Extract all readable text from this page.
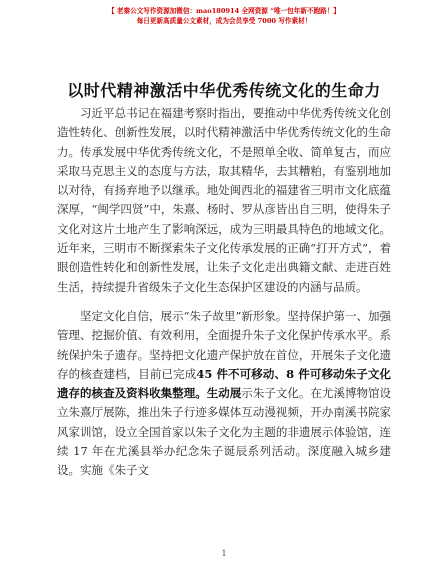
【 老秦公文写作资源加微信：mao180914 全网资源 “唯一包年新不跑路！】
每日更新高质量公文素材，成为会员享受 7000 写作素材！
以时代精神激活中华优秀传统文化的生命力

习近平总书记在福建考察时指出，要推动中华优秀传统文化创造性转化、创新性发展，以时代精神激活中华优秀传统文化的生命力。传承发展中华优秀传统文化，不是照单全收、简单复古，而应采取马克思主义的态度与方法，取其精华，去其糟粕，有鉴别地加以对待，有扬弃地予以继承。地处闽西北的福建省三明市文化底蕴深厚，“闽学四贤”中，朱熹、杨时、罗从彦皆出自三明，使得朱子文化对这片土地产生了影响深远，成为三明最具特色的地域文化。近年来，三明市不断探索朱子文化传承发展的正确“打开方式”，着眼创造性转化和创新性发展，让朱子文化走出典籍文献、走进百姓生活，持续提升省级朱子文化生态保护区建设的内涵与品质。

坚定文化自信，展示“朱子故里”新形象。坚持保护第一、加强管理、挖掘价值、有效利用，全面提升朱子文化保护传承水平。系统保护朱子遗存。坚持把文化遗产保护放在首位，开展朱子文化遗存的核查建档，目前已完成45 件不可移动、8 件可移动朱子文化遗存的核查及资料收集整理。生动展示朱子文化。在尤溪博物馆设立朱熹厅展陈，推出朱子行迹多媒体互动漫视频，开办南溪书院家风家训馆，设立全国首家以朱子文化为主题的非遗展示体验馆，连续 17 年在尤溪县举办纪念朱子诞辰系列活动。深度融入城乡建设。实施《朱子文

1
